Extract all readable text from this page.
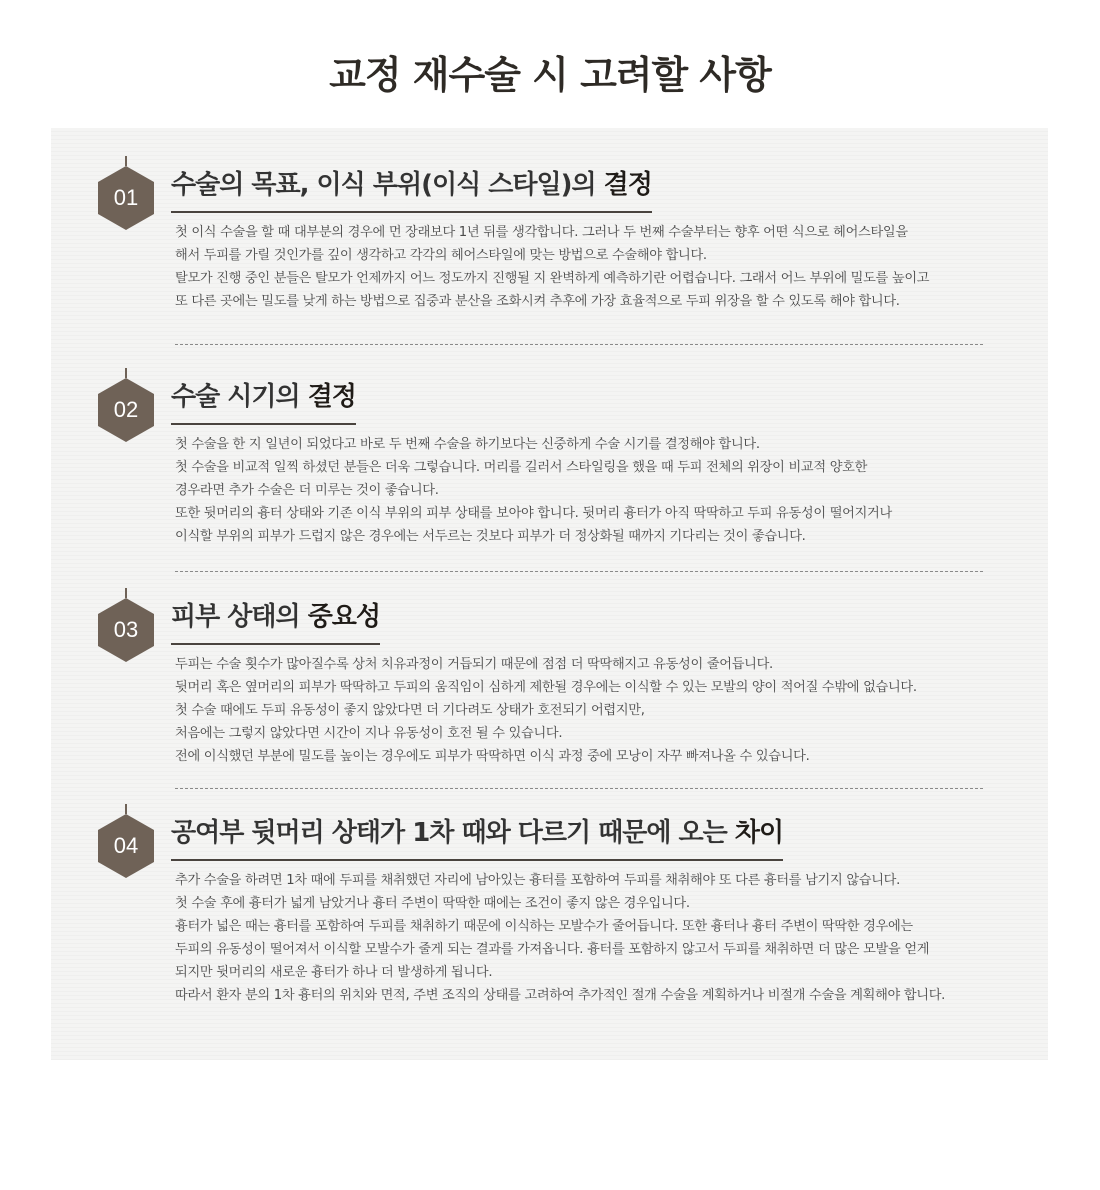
교정 재수술 시 고려할 사항
01	수술의 목표, 이식 부위(이식 스타일)의 결정

첫 이식 수술을 할 때 대부분의 경우에 먼 장래보다 1년 뒤를 생각합니다. 그러나 두 번째 수술부터는 향후 어떤 식으로 헤어스타일을

해서 두피를 가릴 것인가를 깊이 생각하고 각각의 헤어스타일에 맞는 방법으로 수술해야 합니다.

탈모가 진행 중인 분들은 탈모가 언제까지 어느 정도까지 진행될 지 완벽하게 예측하기란 어렵습니다. 그래서 어느 부위에 밀도를 높이고

또 다른 곳에는 밀도를 낮게 하는 방법으로 집중과 분산을 조화시켜 추후에 가장 효율적으로 두피 위장을 할 수 있도록 해야 합니다.

02	수술 시기의 결정

첫 수술을 한 지 일년이 되었다고 바로 두 번째 수술을 하기보다는 신중하게 수술 시기를 결정해야 합니다.

첫 수술을 비교적 일찍 하셨던 분들은 더욱 그렇습니다. 머리를 길러서 스타일링을 했을 때 두피 전체의 위장이 비교적 양호한

경우라면 추가 수술은 더 미루는 것이 좋습니다.

또한 뒷머리의 흉터 상태와 기존 이식 부위의 피부 상태를 보아야 합니다. 뒷머리 흉터가 아직 딱딱하고 두피 유동성이 떨어지거나

이식할 부위의 피부가 드럽지 않은 경우에는 서두르는 것보다 피부가 더 정상화될 때까지 기다리는 것이 좋습니다.

03	피부 상태의 중요성

두피는 수술 횟수가 많아질수록 상처 치유과정이 거듭되기 때문에 점점 더 딱딱해지고 유동성이 줄어듭니다.

뒷머리 혹은 옆머리의 피부가 딱딱하고 두피의 움직임이 심하게 제한될 경우에는 이식할 수 있는 모발의 양이 적어질 수밖에 없습니다.

첫 수술 때에도 두피 유동성이 좋지 않았다면 더 기다려도 상태가 호전되기 어렵지만,

처음에는 그렇지 않았다면 시간이 지나 유동성이 호전 될 수 있습니다.

전에 이식했던 부분에 밀도를 높이는 경우에도 피부가 딱딱하면 이식 과정 중에 모낭이 자꾸 빠져나올 수 있습니다.

04	공여부 뒷머리 상태가 1차 때와 다르기 때문에 오는 차이

추가 수술을 하려면 1차 때에 두피를 채취했던 자리에 남아있는 흉터를 포함하여 두피를 채취해야 또 다른 흉터를 남기지 않습니다.

첫 수술 후에 흉터가 넓게 남았거나 흉터 주변이 딱딱한 때에는 조건이 좋지 않은 경우입니다.

흉터가 넓은 때는 흉터를 포함하여 두피를 채취하기 때문에 이식하는 모발수가 줄어듭니다. 또한 흉터나 흉터 주변이 딱딱한 경우에는

두피의 유동성이 떨어져서 이식할 모발수가 줄게 되는 결과를 가져옵니다. 흉터를 포함하지 않고서 두피를 채취하면 더 많은 모발을 얻게

되지만 뒷머리의 새로운 흉터가 하나 더 발생하게 됩니다.

따라서 환자 분의 1차 흉터의 위치와 면적, 주변 조직의 상태를 고려하여 추가적인 절개 수술을 계획하거나 비절개 수술을 계획해야 합니다.
